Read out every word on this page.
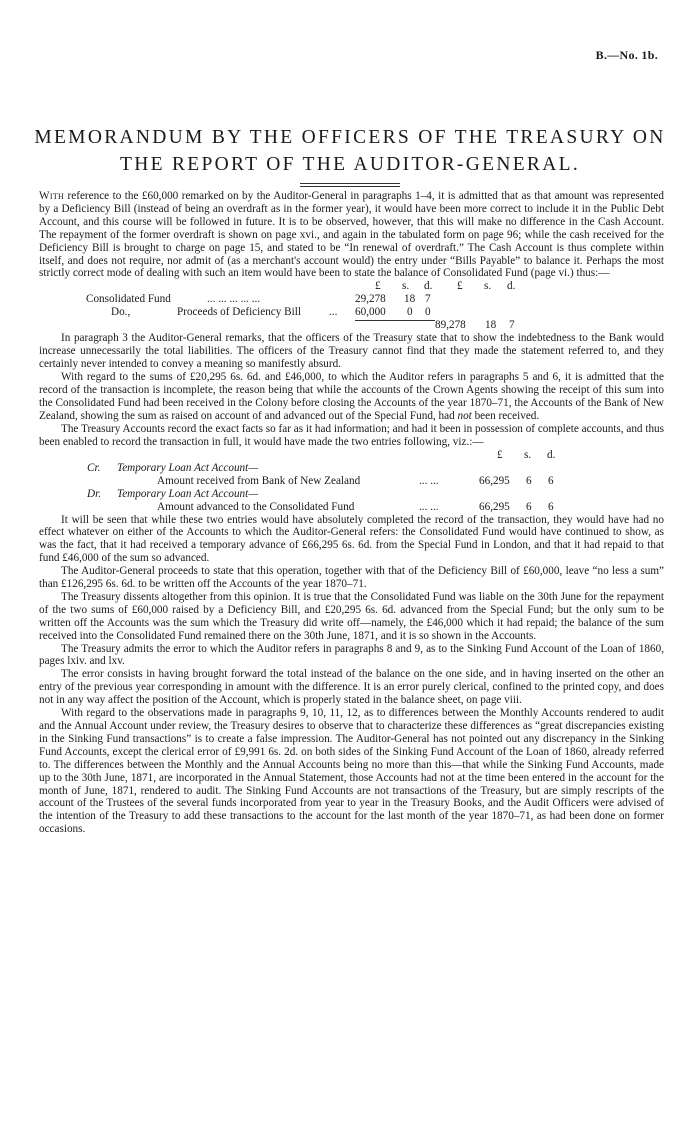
B.—No. 1b.
MEMORANDUM BY THE OFFICERS OF THE TREASURY ON THE REPORT OF THE AUDITOR-GENERAL.

With reference to the £60,000 remarked on by the Auditor-General in paragraphs 1–4, it is admitted that as that amount was represented by a Deficiency Bill (instead of being an overdraft as in the former year), it would have been more correct to include it in the Public Debt Account, and this course will be followed in future. It is to be observed, however, that this will make no difference in the Cash Account. The repayment of the former overdraft is shown on page xvi., and again in the tabulated form on page 96; while the cash received for the Deficiency Bill is brought to charge on page 15, and stated to be “In renewal of overdraft.” The Cash Account is thus complete within itself, and does not require, nor admit of (as a merchant's account would) the entry under “Bills Payable” to balance it. Perhaps the most strictly correct mode of dealing with such an item would have been to state the balance of Consolidated Fund (page vi.) thus:—

£ s. d. £ s. d.
Consolidated Fund	... ... ... ... ...	29,278 18 7
Do.,	Proceeds of Deficiency Bill	... 60,000 0 0
89,278 18 7

In paragraph 3 the Auditor-General remarks, that the officers of the Treasury state that to show the indebtedness to the Bank would increase unnecessarily the total liabilities. The officers of the Treasury cannot find that they made the statement referred to, and they certainly never intended to convey a meaning so manifestly absurd.

With regard to the sums of £20,295 6s. 6d. and £46,000, to which the Auditor refers in paragraphs 5 and 6, it is admitted that the record of the transaction is incomplete, the reason being that while the accounts of the Crown Agents showing the receipt of this sum into the Consolidated Fund had been received in the Colony before closing the Accounts of the year 1870–71, the Accounts of the Bank of New Zealand, showing the sum as raised on account of and advanced out of the Special Fund, had not been received.

The Treasury Accounts record the exact facts so far as it had information; and had it been in possession of complete accounts, and thus been enabled to record the transaction in full, it would have made the two entries following, viz.:—

£ s. d.
Cr. Temporary Loan Act Account—
Amount received from Bank of New Zealand	... ...	66,295 6 6
Dr. Temporary Loan Act Account—
Amount advanced to the Consolidated Fund	... ...	66,295 6 6

It will be seen that while these two entries would have absolutely completed the record of the transaction, they would have had no effect whatever on either of the Accounts to which the Auditor-General refers: the Consolidated Fund would have continued to show, as was the fact, that it had received a temporary advance of £66,295 6s. 6d. from the Special Fund in London, and that it had repaid to that fund £46,000 of the sum so advanced.

The Auditor-General proceeds to state that this operation, together with that of the Deficiency Bill of £60,000, leave “no less a sum” than £126,295 6s. 6d. to be written off the Accounts of the year 1870–71.

The Treasury dissents altogether from this opinion. It is true that the Consolidated Fund was liable on the 30th June for the repayment of the two sums of £60,000 raised by a Deficiency Bill, and £20,295 6s. 6d. advanced from the Special Fund; but the only sum to be written off the Accounts was the sum which the Treasury did write off—namely, the £46,000 which it had repaid; the balance of the sum received into the Consolidated Fund remained there on the 30th June, 1871, and it is so shown in the Accounts.

The Treasury admits the error to which the Auditor refers in paragraphs 8 and 9, as to the Sinking Fund Account of the Loan of 1860, pages lxiv. and lxv.

The error consists in having brought forward the total instead of the balance on the one side, and in having inserted on the other an entry of the previous year corresponding in amount with the difference. It is an error purely clerical, confined to the printed copy, and does not in any way affect the position of the Account, which is properly stated in the balance sheet, on page viii.

With regard to the observations made in paragraphs 9, 10, 11, 12, as to differences between the Monthly Accounts rendered to audit and the Annual Account under review, the Treasury desires to observe that to characterize these differences as “great discrepancies existing in the Sinking Fund transactions” is to create a false impression. The Auditor-General has not pointed out any discrepancy in the Sinking Fund Accounts, except the clerical error of £9,991 6s. 2d. on both sides of the Sinking Fund Account of the Loan of 1860, already referred to. The differences between the Monthly and the Annual Accounts being no more than this—that while the Sinking Fund Accounts, made up to the 30th June, 1871, are incorporated in the Annual Statement, those Accounts had not at the time been entered in the account for the month of June, 1871, rendered to audit. The Sinking Fund Accounts are not transactions of the Treasury, but are simply rescripts of the account of the Trustees of the several funds incorporated from year to year in the Treasury Books, and the Audit Officers were advised of the intention of the Treasury to add these transactions to the account for the last month of the year 1870–71, as had been done on former occasions.
